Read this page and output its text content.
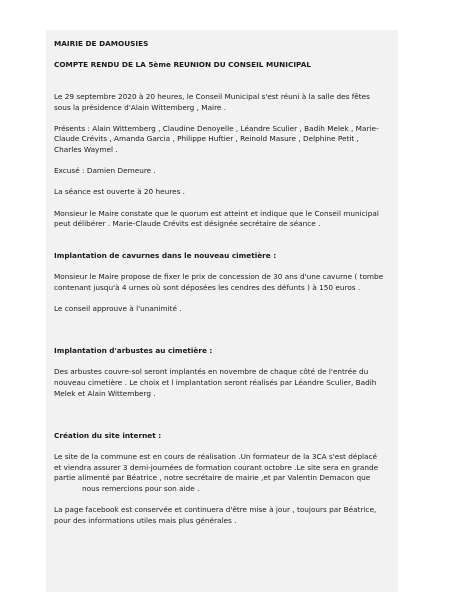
MAIRIE DE DAMOUSIES

COMPTE RENDU DE LA 5ème REUNION DU CONSEIL MUNICIPAL

Le 29 septembre 2020 à 20 heures, le Conseil Municipal s'est réuni à la salle des fêtes

sous la présidence d'Alain Wittemberg , Maire .

Présents : Alain Wittemberg , Claudine Denoyelle , Léandre Sculier , Badih Melek , Marie-

Claude Crévits , Amanda Garcia , Philippe Huftier , Reinold Masure , Delphine Petit ,

Charles Waymel .

Excusé : Damien Demeure .

La séance est ouverte à 20 heures .

Monsieur le Maire constate que le quorum est atteint et indique que le Conseil municipal

peut délibérer . Marie-Claude Crévits est désignée secrétaire de séance .

Implantation de cavurnes dans le nouveau cimetière :

Monsieur le Maire propose de fixer le prix de concession de 30 ans d'une cavurne ( tombe

contenant jusqu'à 4 urnes où sont déposées les cendres des défunts ) à 150 euros .

Le conseil approuve à l'unanimité .

Implantation d'arbustes au cimetière :

Des arbustes couvre-sol seront implantés en novembre de chaque côté de l'entrée du

nouveau cimetière . Le choix et l implantation seront réalisés par Léandre Sculier, Badih

Melek et Alain Wittemberg .

Création du site internet :

Le site de la commune est en cours de réalisation .Un formateur de la 3CA s'est déplacé

et viendra assurer 3 demi-journées de formation courant octobre .Le site sera en grande

partie alimenté par Béatrice , notre secrétaire de mairie ,et par Valentin Demacon que

nous remercions pour son aide .

La page facebook est conservée et continuera d'être mise à jour , toujours par Béatrice,

pour des informations utiles mais plus générales .
